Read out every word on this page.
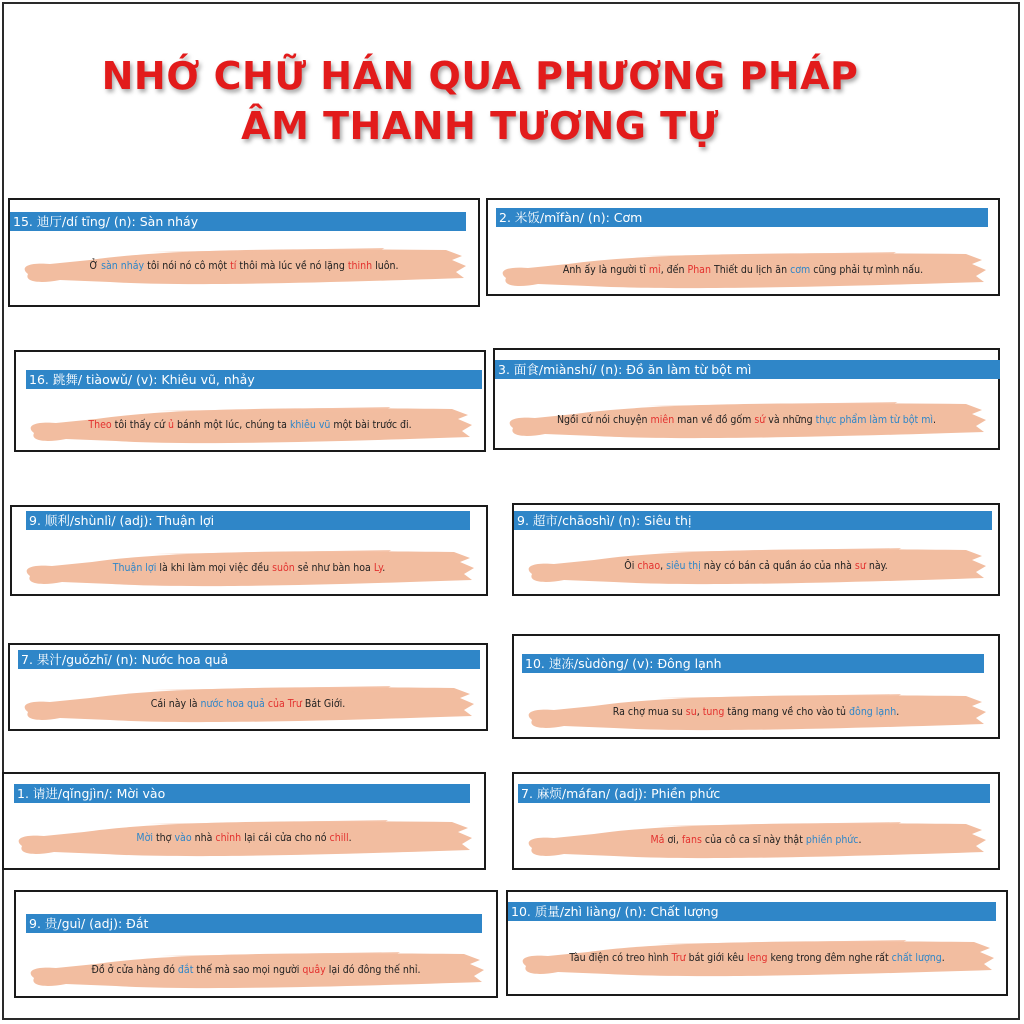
NHỚ CHỮ HÁN QUA PHƯƠNG PHÁP
ÂM THANH TƯƠNG TỰ
15. 迪厅/dí tīng/ (n): Sàn nháy
Ở sàn nháy tôi nói nó cô một tí thôi mà lúc về nó lặng thinh luôn.
2. 米饭/mǐfàn/ (n): Cơm
Anh ấy là người tỉ mỉ, đến Phan Thiết du lịch ăn cơm cũng phải tự mình nấu.
16. 跳舞/ tiàowǔ/ (v): Khiêu vũ, nhảy
Theo tôi thấy cứ ủ bánh một lúc, chúng ta khiêu vũ một bài trước đi.
3. 面食/miànshí/ (n): Đồ ăn làm từ bột mì
Ngồi cứ nói chuyện miên man về đồ gốm sứ và những thực phẩm làm từ bột mì.
9. 顺利/shùnlì/ (adj): Thuận lợi
Thuận lợi là khi làm mọi việc đều suôn sẻ như bàn hoa Ly.
9. 超市/chāoshì/ (n): Siêu thị
Ôi chao, siêu thị này có bán cả quần áo của nhà sư này.
7. 果汁/guǒzhī/ (n): Nước hoa quả
Cái này là nước hoa quả của Trư Bát Giới.
10. 速冻/sùdòng/ (v): Đông lạnh
Ra chợ mua su su, tung tăng mang về cho vào tủ đông lạnh.
1. 请进/qǐngjìn/: Mời vào
Mời thợ vào nhà chỉnh lại cái cửa cho nó chill.
7. 麻烦/máfan/ (adj): Phiền phức
Má ơi, fans của cô ca sĩ này thật phiền phức.
9. 贵/guì/ (adj): Đắt
Đồ ở cửa hàng đó đắt thế mà sao mọi người quây lại đó đông thế nhỉ.
10. 质量/zhì liàng/ (n): Chất lượng
Tàu điện có treo hình Trư bát giới kêu leng keng trong đêm nghe rất chất lượng.
